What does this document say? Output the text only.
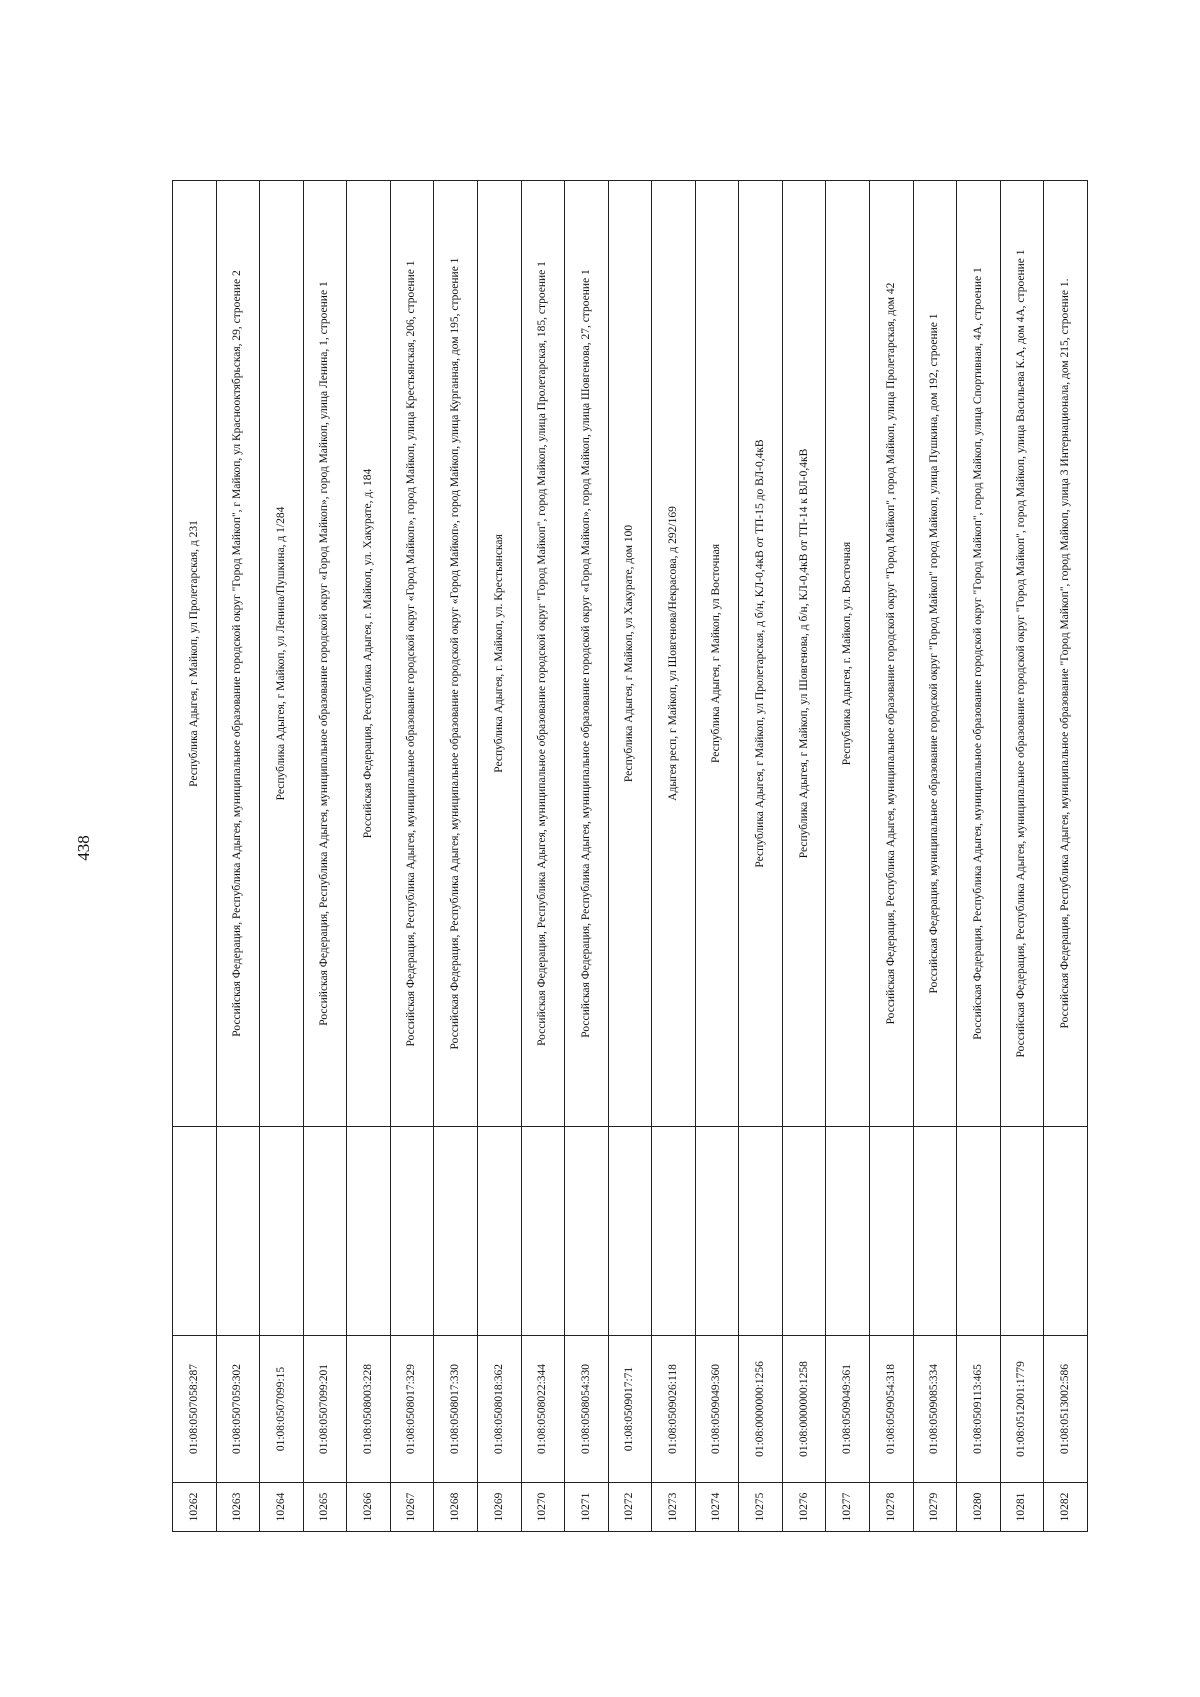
438
10262	01:08:0507058:287		Республика Адыгея, г Майкоп, ул Пролетарская, д 231
10263	01:08:0507059:302		Российская Федерация, Республика Адыгея, муниципальное образование городской округ "Город Майкоп", г Майкоп, ул Краснооктябрьская, 29, строение 2
10264	01:08:0507099:15		Республика Адыгея, г Майкоп, ул Ленина/Пушкина, д 1/284
10265	01:08:0507099:201		Российская Федерация, Республика Адыгея, муниципальное образование городской округ «Город Майкоп», город Майкоп, улица Ленина, 1, строение 1
10266	01:08:0508003:228		Российская Федерация, Республика Адыгея, г. Майкоп, ул. Хакурате, д. 184
10267	01:08:0508017:329		Российская Федерация, Республика Адыгея, муниципальное образование городской округ «Город Майкоп», город Майкоп, улица Крестьянская, 206, строение 1
10268	01:08:0508017:330		Российская Федерация, Республика Адыгея, муниципальное образование городской округ «Город Майкоп», город Майкоп, улица Курганная, дом 195, строение 1
10269	01:08:0508018:362		Республика Адыгея, г. Майкоп, ул. Крестьянская
10270	01:08:0508022:344		Российская Федерация, Республика Адыгея, муниципальное образование городской округ "Город Майкоп", город Майкоп, улица Пролетарская, 185, строение 1
10271	01:08:0508054:330		Российская Федерация, Республика Адыгея, муниципальное образование городской округ «Город Майкоп», город Майкоп, улица Шовгенова, 27, строение 1
10272	01:08:0509017:71		Республика Адыгея, г Майкоп, ул Хакурате, дом 100
10273	01:08:0509026:118		Адыгея респ, г Майкоп, ул Шовгенова/Некрасова, д 292/169
10274	01:08:0509049:360		Республика Адыгея, г Майкоп, ул Восточная
10275	01:08:0000000:1256		Республика Адыгея, г Майкоп, ул Пролетарская, д б/н, КЛ-0,4кВ от ТП-15 до ВЛ-0,4кВ
10276	01:08:0000000:1258		Республика Адыгея, г Майкоп, ул Шовгенова, д б/н, КЛ-0,4кВ от ТП-14 к ВЛ-0,4кВ
10277	01:08:0509049:361		Республика Адыгея, г. Майкоп, ул. Восточная
10278	01:08:0509054:318		Российская Федерация, Республика Адыгея, муниципальное образование городской округ "Город Майкоп", город Майкоп, улица Пролетарская, дом 42
10279	01:08:0509085:334		Российская Федерация, муниципальное образование городской округ "Город Майкоп" город Майкоп, улица Пушкина, дом 192, строение 1
10280	01:08:0509113:465		Российская Федерация, Республика Адыгея, муниципальное образование городской округ "Город Майкоп", город Майкоп, улица Спортивная, 4А, строение 1
10281	01:08:0512001:1779		Российская Федерация, Республика Адыгея, муниципальное образование городской округ "Город Майкоп", город Майкоп, улица Васильева К.А, дом 4А, строение 1
10282	01:08:0513002:586		Российская Федерация, Республика Адыгея, муниципальное образование "Город Майкоп", город Майкоп, улица 3 Интернационала, дом 215, строение 1.
